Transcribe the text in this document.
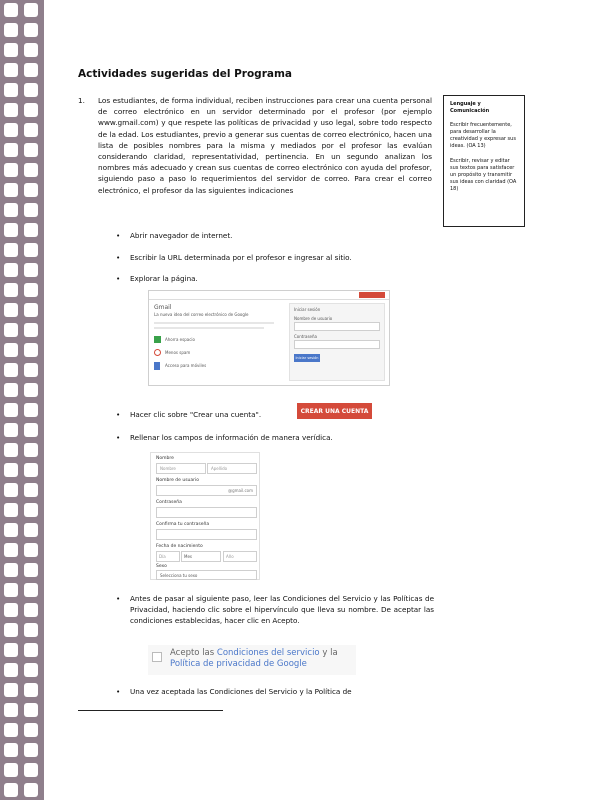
Actividades sugeridas del Programa
1. Los estudiantes, de forma individual, reciben instrucciones para crear una cuenta personal de correo electrónico en un servidor determinado por el profesor (por ejemplo www.gmail.com) y que respete las políticas de privacidad y uso legal, sobre todo respecto de la edad. Los estudiantes, previo a generar sus cuentas de correo electrónico, hacen una lista de posibles nombres para la misma y mediados por el profesor las evalúan considerando claridad, representatividad, pertinencia. En un segundo analizan los nombres más adecuado y crean sus cuentas de correo electrónico con ayuda del profesor, siguiendo paso a paso lo requerimientos del servidor de correo. Para crear el correo electrónico, el profesor da las siguientes indicaciones
Lenguaje y Comunicación

Escribir frecuentemente, para desarrollar la creatividad y expresar sus ideas. (OA 13)

Escribir, revisar y editar sus textos para satisfacer un propósito y transmitir sus ideas con claridad (OA 18)

• Abrir navegador de internet.
• Escribir la URL determinada por el profesor e ingresar al sitio.
• Explorar la página.
Gmail
La nueva idea del correo electrónico de Google
Ahorra espacio
Menos spam
Acceso para móviles
Iniciar sesión
Nombre de usuario
Contraseña
Iniciar sesión
• Hacer clic sobre "Crear una cuenta".	CREAR UNA CUENTA
• Rellenar los campos de información de manera verídica.
Nombre
Nombre	Apellido
Nombre de usuario
@gmail.com
Contraseña
Confirma tu contraseña
Fecha de nacimiento
Día	Mes	Año
Sexo
Selecciona tu sexo
• Antes de pasar al siguiente paso, leer las Condiciones del Servicio y las Políticas de Privacidad, haciendo clic sobre el hipervínculo que lleva su nombre. De aceptar las condiciones establecidas, hacer clic en Acepto.
Acepto las Condiciones del servicio y la Política de privacidad de Google
• Una vez aceptada las Condiciones del Servicio y la Política de
